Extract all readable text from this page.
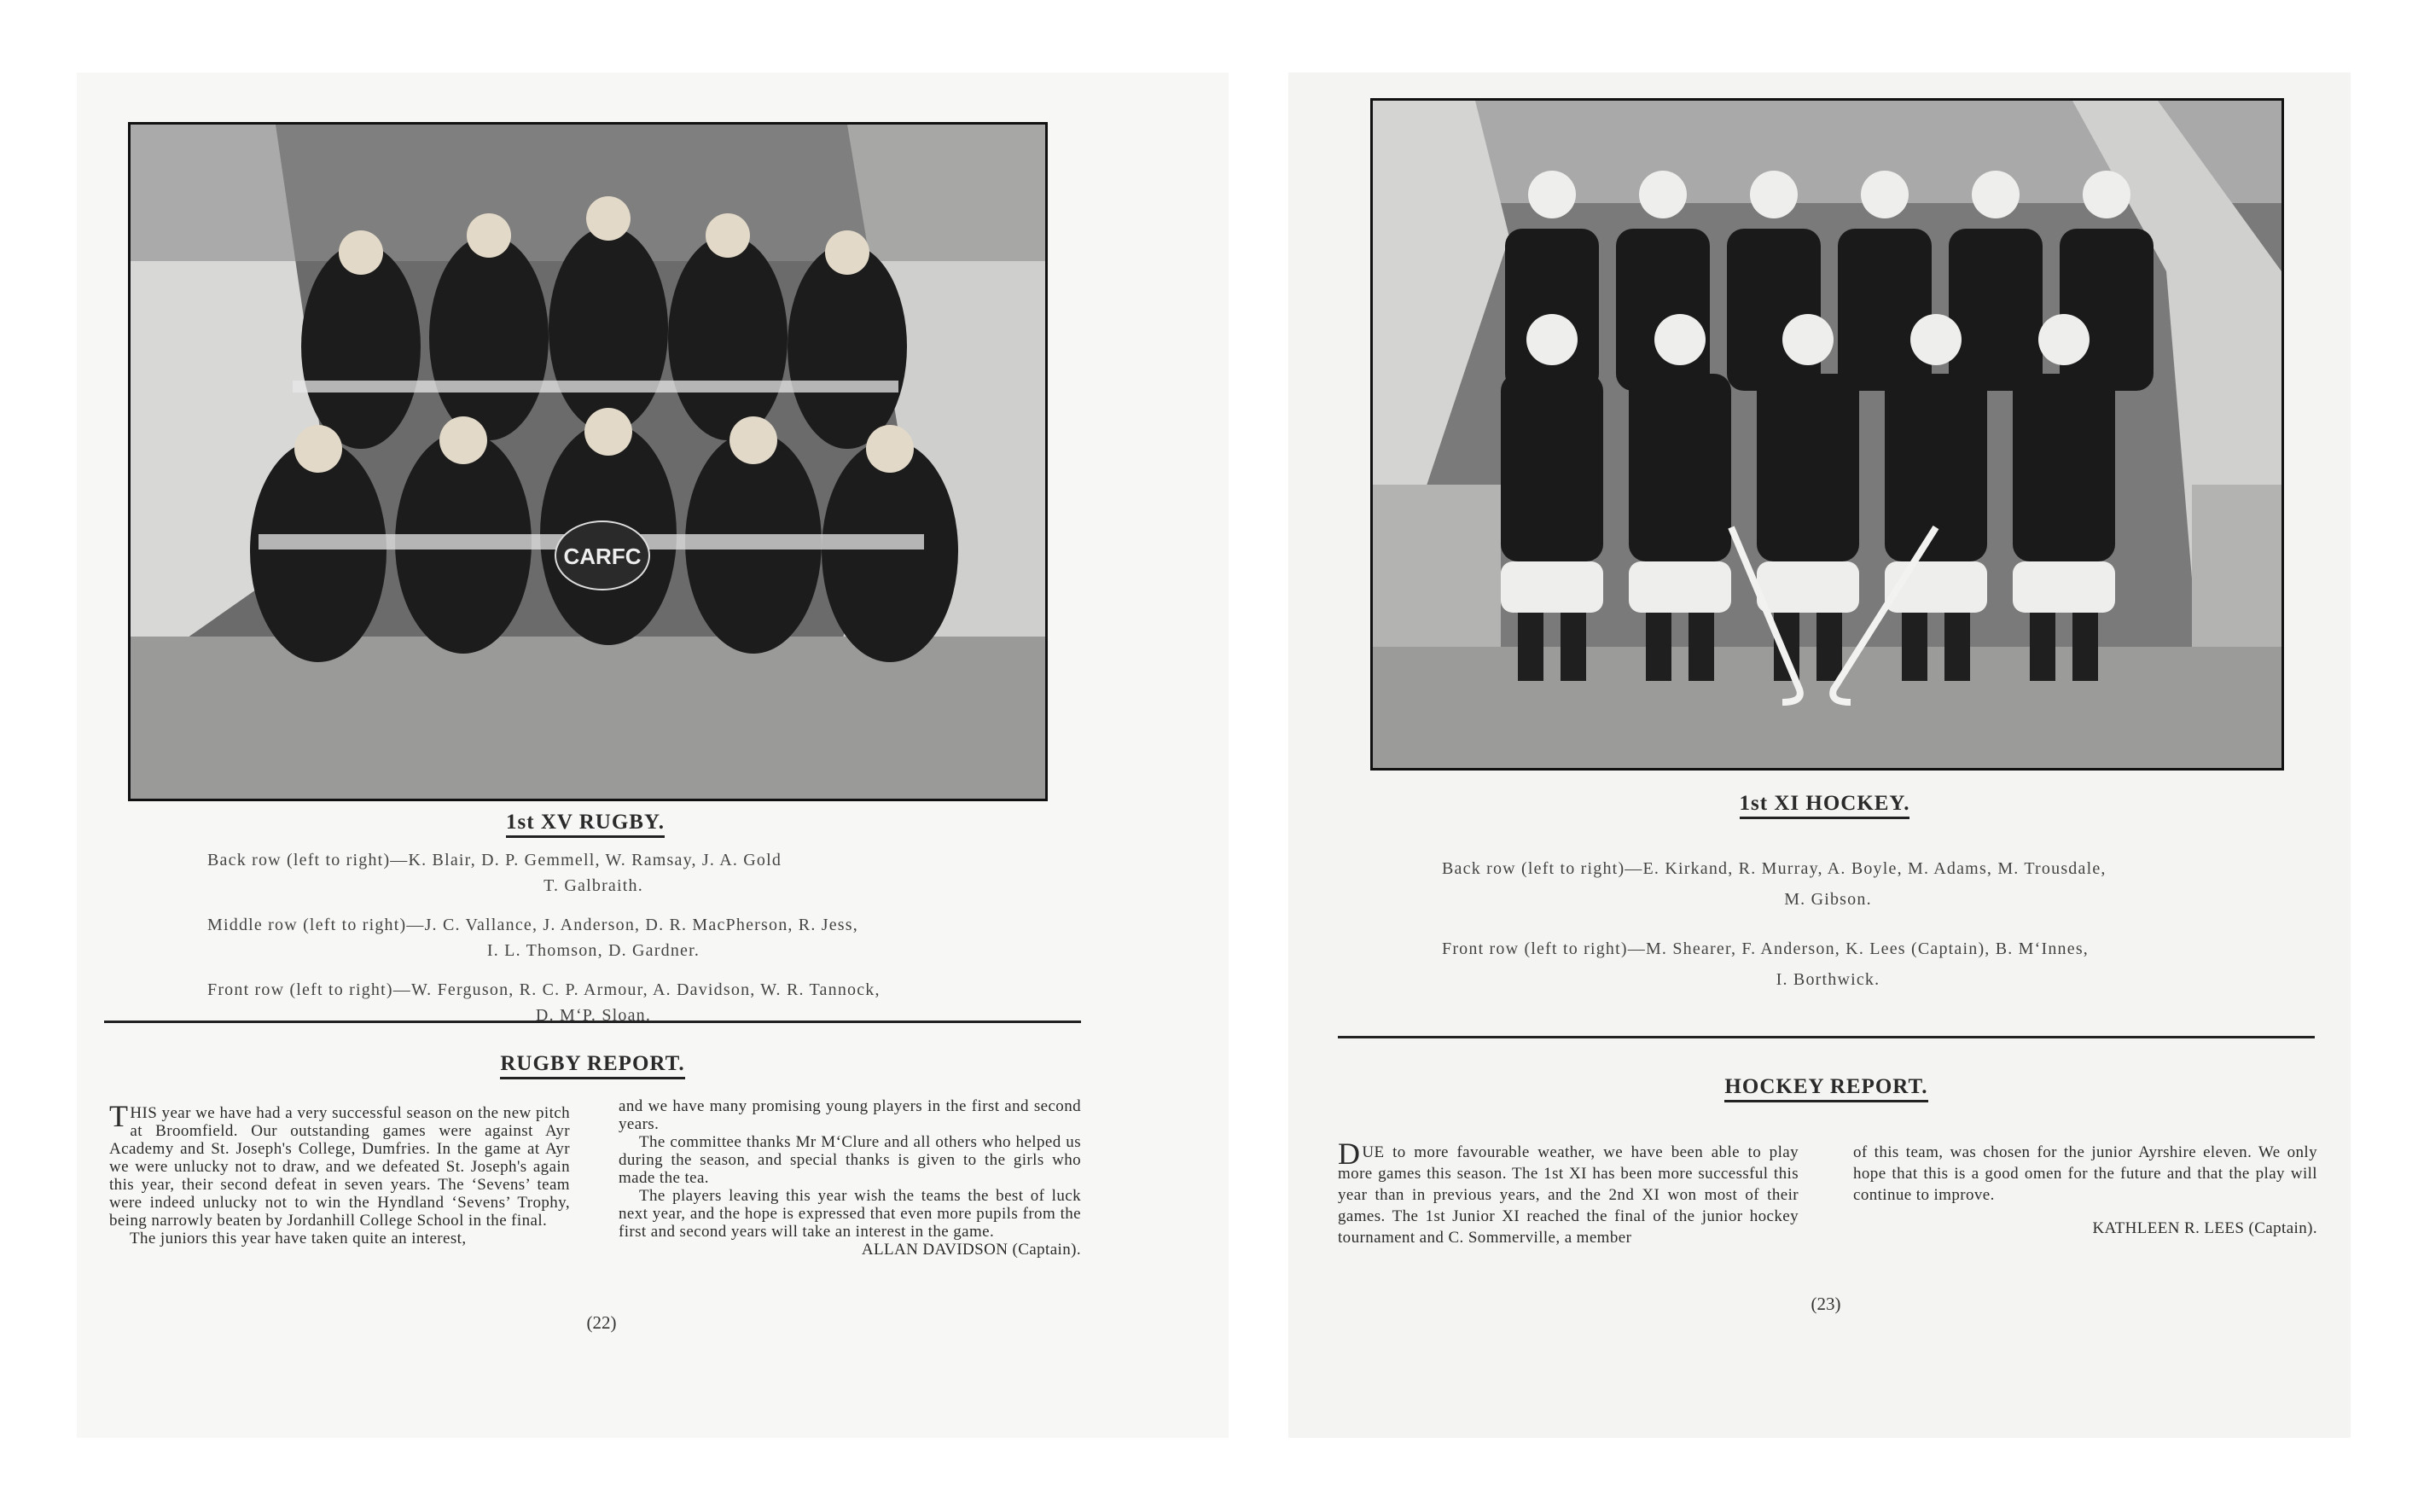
CARFC
1st XV RUGBY.

Back row (left to right)—K. Blair, D. P. Gemmell, W. Ramsay, J. A. Gold

T. Galbraith.

Middle row (left to right)—J. C. Vallance, J. Anderson, D. R. MacPherson, R. Jess,

I. L. Thomson, D. Gardner.

Front row (left to right)—W. Ferguson, R. C. P. Armour, A. Davidson, W. R. Tannock,

D. M‘P. Sloan.

RUGBY REPORT.

THIS year we have had a very successful season on the new pitch at Broomfield. Our outstanding games were against Ayr Academy and St. Joseph's College, Dumfries. In the game at Ayr we were unlucky not to draw, and we defeated St. Joseph's again this year, their second defeat in seven years. The ‘Sevens’ team were indeed unlucky not to win the Hyndland ‘Sevens’ Trophy, being narrowly beaten by Jordanhill College School in the final.

The juniors this year have taken quite an interest,

and we have many promising young players in the first and second years.

The committee thanks Mr M‘Clure and all others who helped us during the season, and special thanks is given to the girls who made the tea.

The players leaving this year wish the teams the best of luck next year, and the hope is expressed that even more pupils from the first and second years will take an interest in the game.

ALLAN DAVIDSON (Captain).

(22)
1st XI HOCKEY.

Back row (left to right)—E. Kirkand, R. Murray, A. Boyle, M. Adams, M. Trousdale,

M. Gibson.

Front row (left to right)—M. Shearer, F. Anderson, K. Lees (Captain), B. M‘Innes,

I. Borthwick.

HOCKEY REPORT.

DUE to more favourable weather, we have been able to play more games this season. The 1st XI has been more successful this year than in previous years, and the 2nd XI won most of their games. The 1st Junior XI reached the final of the junior hockey tournament and C. Sommerville, a member

of this team, was chosen for the junior Ayrshire eleven. We only hope that this is a good omen for the future and that the play will continue to improve.

KATHLEEN R. LEES (Captain).

(23)
